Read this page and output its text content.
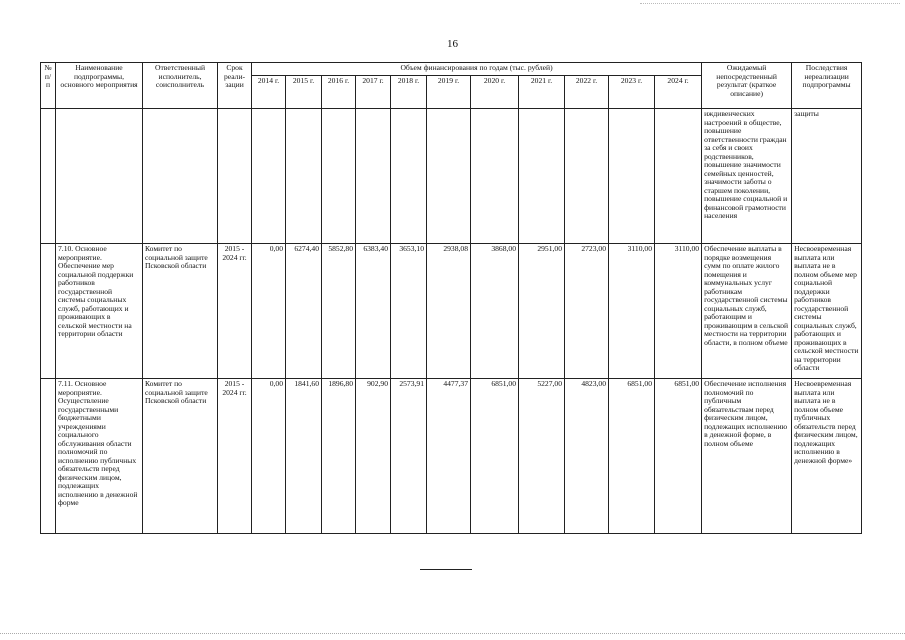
16
№ п/п	Наименование подпрограммы, основного мероприятия	Ответственный исполнитель, соисполнитель	Срок реали- зации	Объем финансирования по годам (тыс. рублей)											Ожидаемый непосредственный результат (краткое описание)	Последствия нереализации подпрограммы
				2014 г.	2015 г.	2016 г.	2017 г.	2018 г.	2019 г.	2020 г.	2021 г.	2022 г.	2023 г.	2024 г.		
															иждивенческих настроений в обществе, повышение ответственности граждан за себя и своих родственников, повышение значимости семейных ценностей, значимости заботы о старшем поколении, повышение социальной и финансовой грамотности населения	защиты
	7.10. Основное мероприятие. Обеспечение мер социальной поддержки работников государственной системы социальных служб, работающих и проживающих в сельской местности на территории области	Комитет по социальной защите Псковской области	2015 - 2024 гг.	0,00	6274,40	5852,80	6383,40	3653,10	2938,08	3868,00	2951,00	2723,00	3110,00	3110,00	Обеспечение выплаты в порядке возмещения сумм по оплате жилого помещения и коммунальных услуг работникам государственной системы социальных служб, работающим и проживающим в сельской местности на территории области, в полном объеме	Несвоевременная выплата или выплата не в полном объеме мер социальной поддержки работников государственной системы социальных служб, работающих и проживающих в сельской местности на территории области
	7.11. Основное мероприятие. Осуществление государственными бюджетными учреждениями социального обслуживания области полномочий по исполнению публичных обязательств перед физическим лицом, подлежащих исполнению в денежной форме	Комитет по социальной защите Псковской области	2015 - 2024 гг.	0,00	1841,60	1896,80	902,90	2573,91	4477,37	6851,00	5227,00	4823,00	6851,00	6851,00	Обеспечение исполнения полномочий по публичным обязательствам перед физическим лицом, подлежащих исполнению в денежной форме, в полном объеме	Несвоевременная выплата или выплата не в полном объеме публичных обязательств перед физическим лицом, подлежащих исполнению в денежной форме»
